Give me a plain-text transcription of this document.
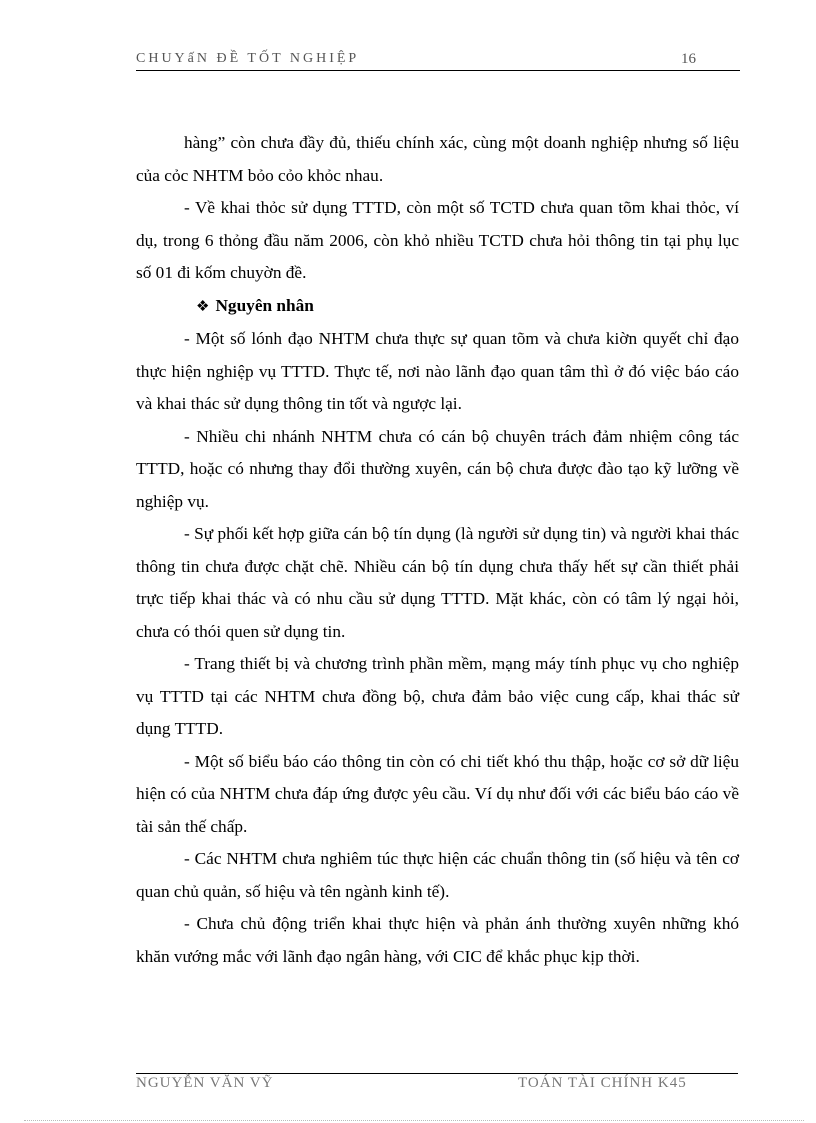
CHUYấN ĐỀ TỐT NGHIỆP	16

hàng” còn chưa đầy đủ, thiếu chính xác, cùng một doanh nghiệp nhưng số liệu của cỏc NHTM bỏo cỏo khỏc nhau.

- Về khai thỏc sử dụng TTTD, còn một số TCTD chưa quan tõm khai thỏc, ví dụ, trong 6 thỏng đầu năm 2006, còn khỏ nhiều TCTD chưa hỏi thông tin tại phụ lục số 01 đi kốm chuyờn đề.

❖ Nguyên nhân

- Một số lónh đạo NHTM chưa thực sự quan tõm và chưa kiờn quyết chỉ đạo thực hiện nghiệp vụ TTTD. Thực tế, nơi nào lãnh đạo quan tâm thì ở đó việc báo cáo và khai thác sử dụng thông tin tốt và ngược lại.

- Nhiều chi nhánh NHTM chưa có cán bộ chuyên trách đảm nhiệm công tác TTTD, hoặc có nhưng thay đổi thường xuyên, cán bộ chưa được đào tạo kỹ lưỡng về nghiệp vụ.

- Sự phối kết hợp giữa cán bộ tín dụng (là người sử dụng tin) và người khai thác thông tin chưa được chặt chẽ. Nhiều cán bộ tín dụng chưa thấy hết sự cần thiết phải trực tiếp khai thác và có nhu cầu sử dụng TTTD. Mặt khác, còn có tâm lý ngại hỏi, chưa có thói quen sử dụng tin.

- Trang thiết bị và chương trình phần mềm, mạng máy tính phục vụ cho nghiệp vụ TTTD tại các NHTM chưa đồng bộ, chưa đảm bảo việc cung cấp, khai thác sử dụng TTTD.

- Một số biểu báo cáo thông tin còn có chi tiết khó thu thập, hoặc cơ sở dữ liệu hiện có của NHTM chưa đáp ứng được yêu cầu. Ví dụ như đối với các biểu báo cáo về tài sản thế chấp.

- Các NHTM chưa nghiêm túc thực hiện các chuẩn thông tin (số hiệu và tên cơ quan chủ quản, số hiệu và tên ngành kinh tế).

- Chưa chủ động triển khai thực hiện và phản ánh thường xuyên những khó khăn vướng mắc với lãnh đạo ngân hàng, với CIC để khắc phục kịp thời.

NGUYỄN VĂN VỸ	TOÁN TÀI CHÍNH K45
